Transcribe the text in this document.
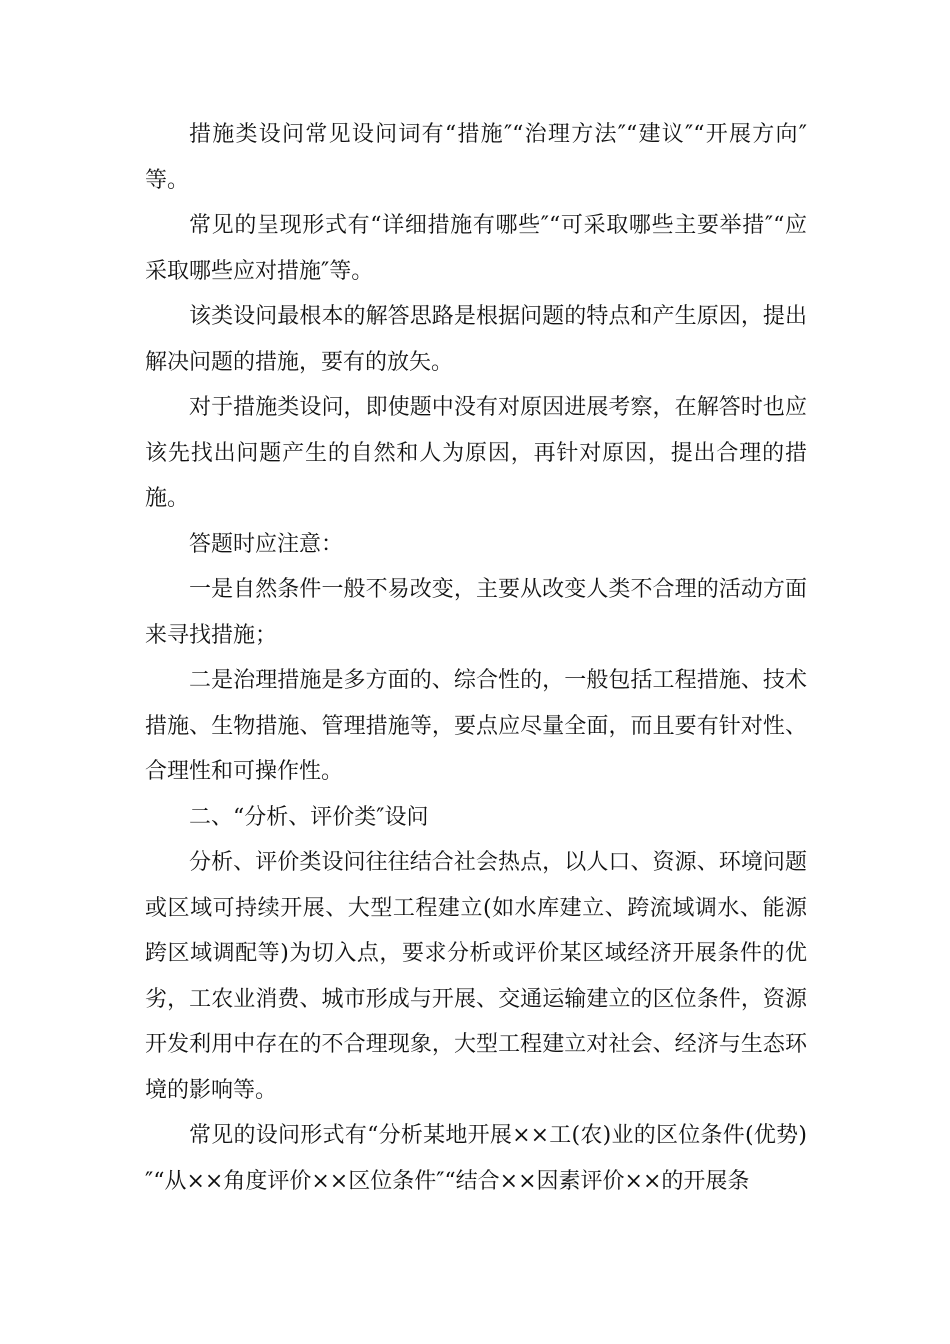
措施类设问常见设问词有“措施″“治理方法″“建议″“开展方向″等。

常见的呈现形式有“详细措施有哪些″“可采取哪些主要举措″“应采取哪些应对措施″等。

该类设问最根本的解答思路是根据问题的特点和产生原因，提出解决问题的措施，要有的放矢。

对于措施类设问，即使题中没有对原因进展考察，在解答时也应该先找出问题产生的自然和人为原因，再针对原因，提出合理的措施。

答题时应注意：

一是自然条件一般不易改变，主要从改变人类不合理的活动方面来寻找措施；

二是治理措施是多方面的、综合性的，一般包括工程措施、技术措施、生物措施、管理措施等，要点应尽量全面，而且要有针对性、合理性和可操作性。

二、“分析、评价类″设问

分析、评价类设问往往结合社会热点，以人口、资源、环境问题或区域可持续开展、大型工程建立(如水库建立、跨流域调水、能源跨区域调配等)为切入点，要求分析或评价某区域经济开展条件的优劣，工农业消费、城市形成与开展、交通运输建立的区位条件，资源开发利用中存在的不合理现象，大型工程建立对社会、经济与生态环境的影响等。

常见的设问形式有“分析某地开展××工(农)业的区位条件(优势)″“从××角度评价××区位条件″“结合××因素评价××的开展条
